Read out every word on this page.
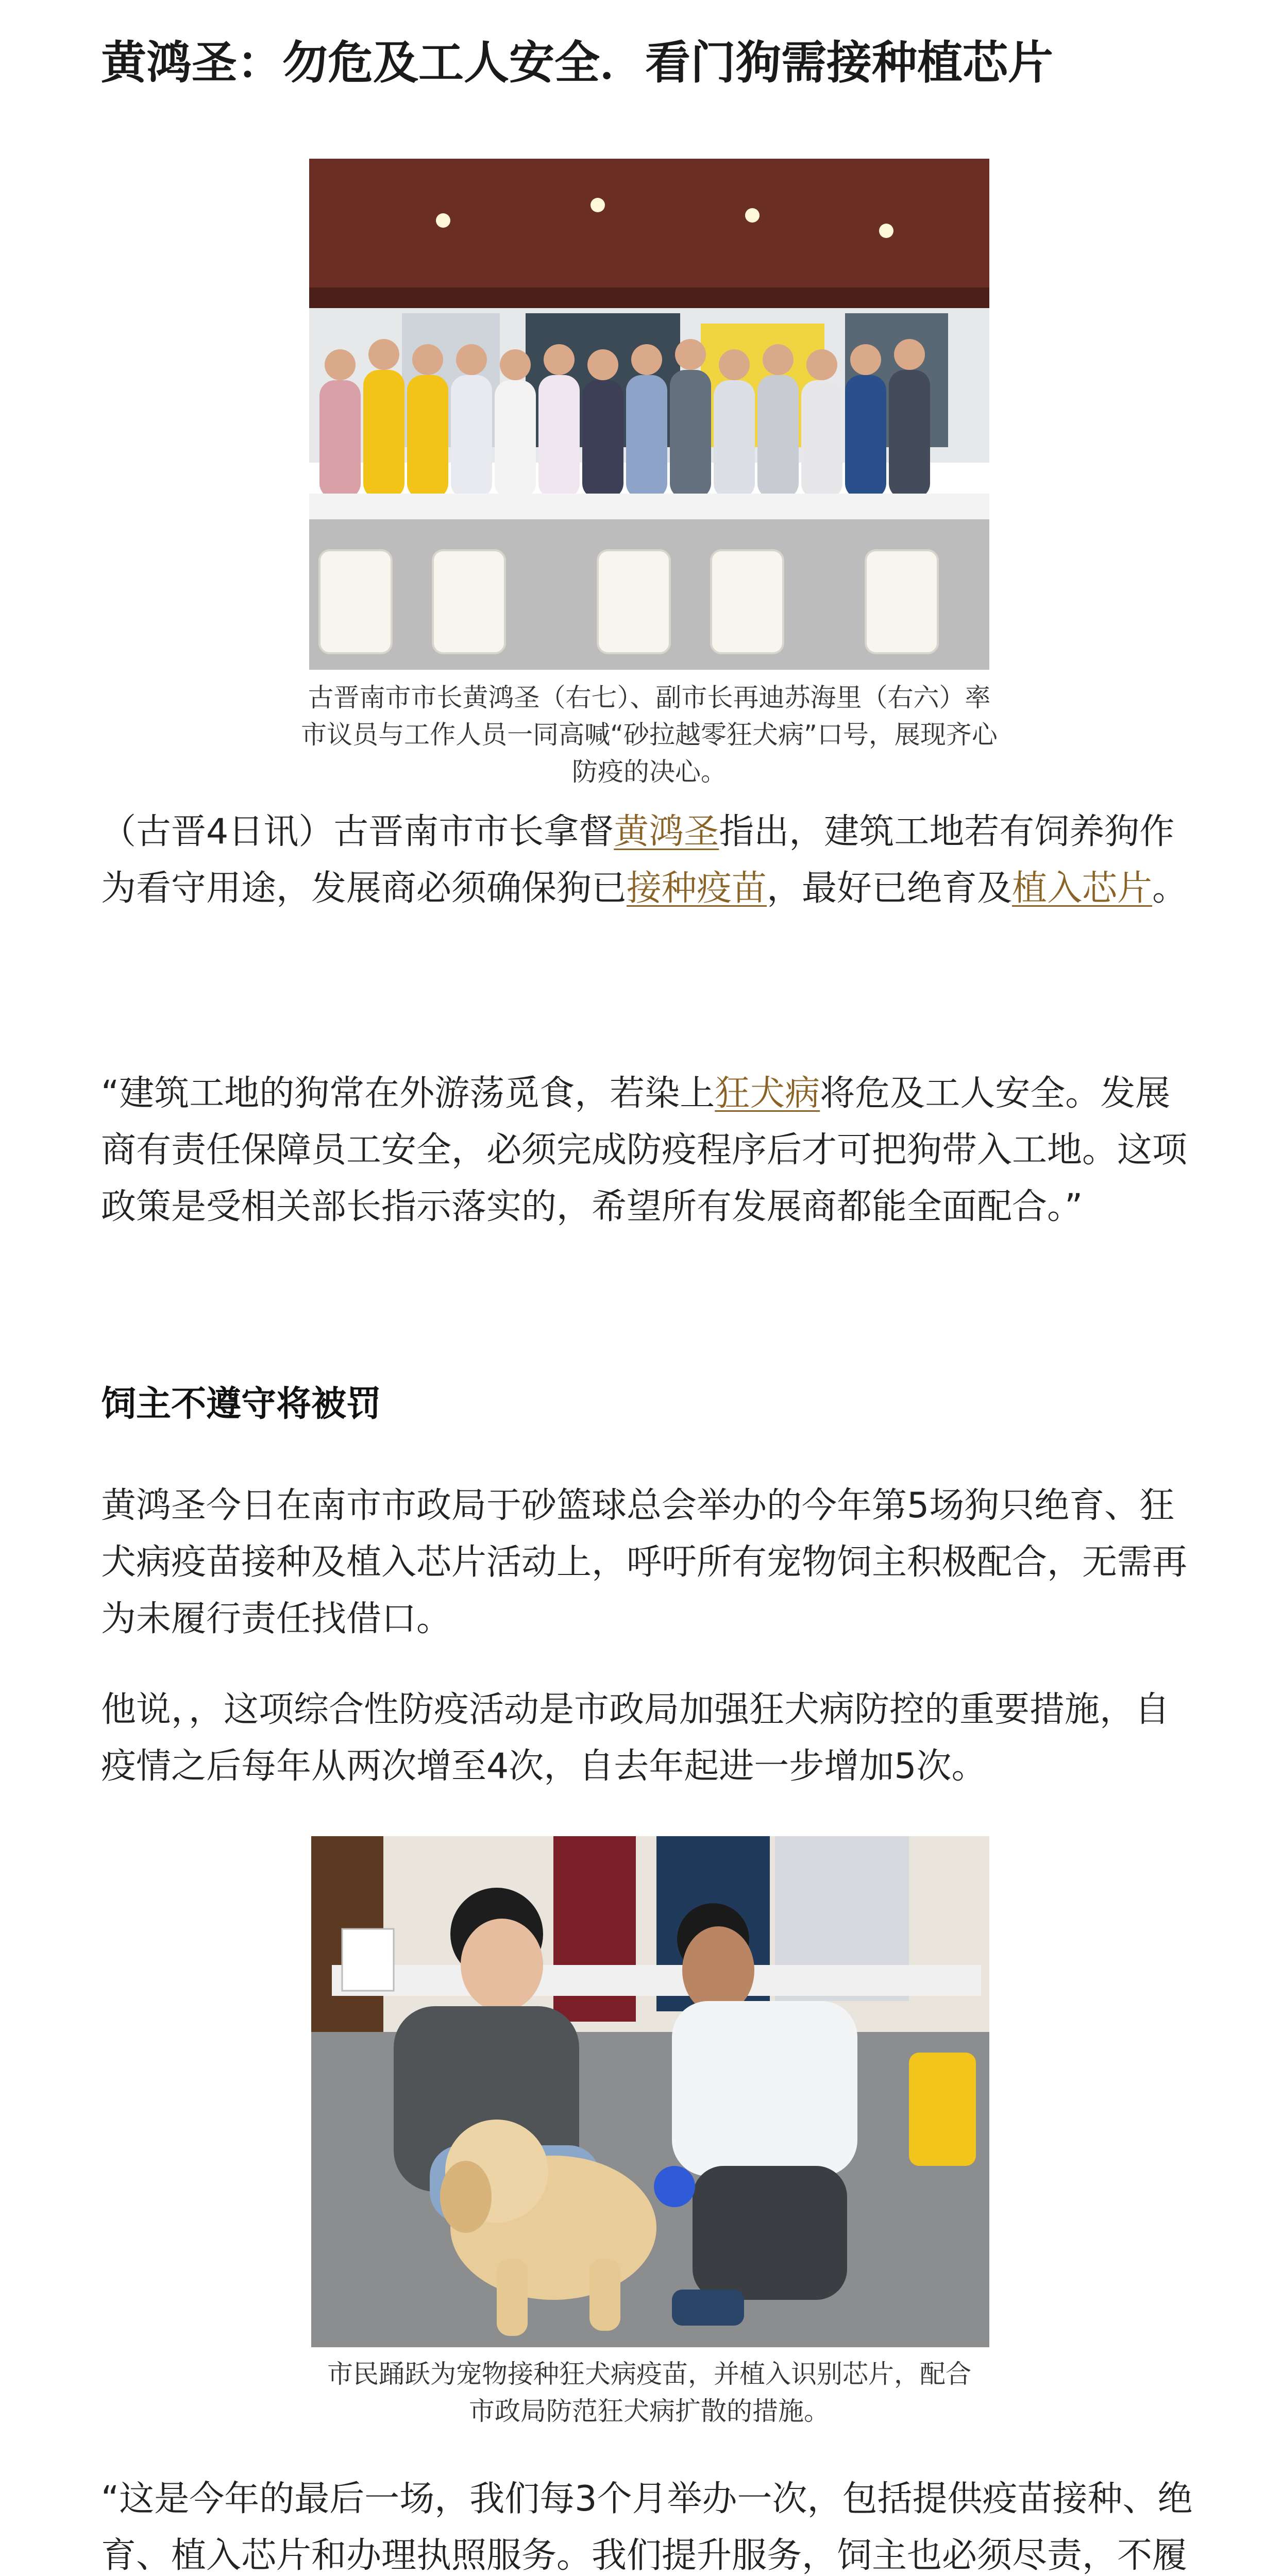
黄鸿圣：勿危及工人安全．看门狗需接种植芯片

古晋南市市长黄鸿圣（右七）、副市长再迪苏海里（右六）率市议员与工作人员一同高喊“砂拉越零狂犬病”口号，展现齐心防疫的决心。

（古晋4日讯）古晋南市市长拿督黄鸿圣指出，建筑工地若有饲养狗作为看守用途，发展商必须确保狗已接种疫苗，最好已绝育及植入芯片。

“建筑工地的狗常在外游荡觅食，若染上狂犬病将危及工人安全。发展商有责任保障员工安全，必须完成防疫程序后才可把狗带入工地。这项政策是受相关部长指示落实的，希望所有发展商都能全面配合。”

饲主不遵守将被罚

黄鸿圣今日在南市市政局于砂篮球总会举办的今年第5场狗只绝育、狂犬病疫苗接种及植入芯片活动上，呼吁所有宠物饲主积极配合，无需再为未履行责任找借口。

他说，，这项综合性防疫活动是市政局加强狂犬病防控的重要措施，自疫情之后每年从两次增至4次，自去年起进一步增加5次。

市民踊跃为宠物接种狂犬病疫苗，并植入识别芯片，配合市政局防范狂犬病扩散的措施。

“这是今年的最后一场，我们每3个月举办一次，包括提供疫苗接种、绝育、植入芯片和办理执照服务。我们提升服务，饲主也必须尽责，不履
